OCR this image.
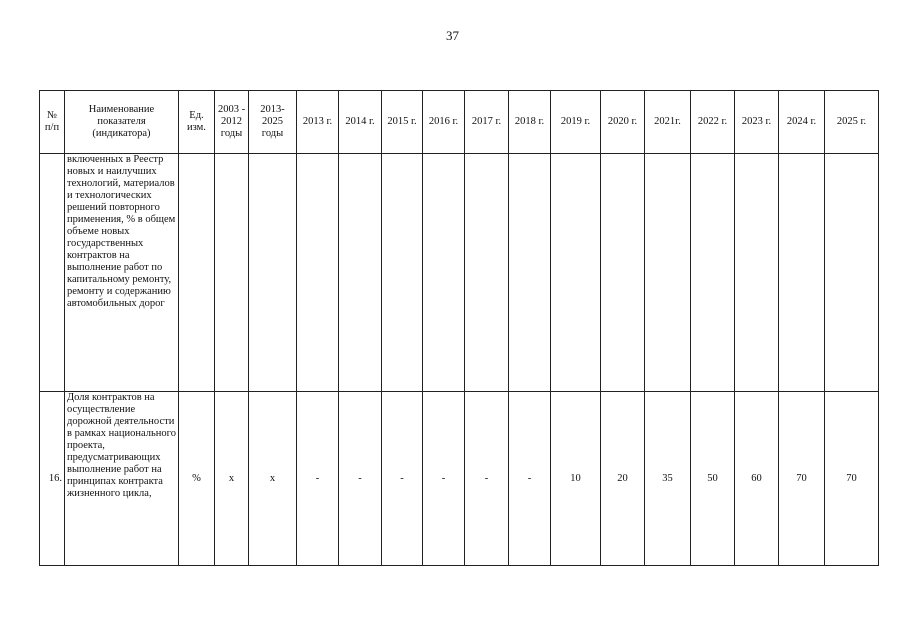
37
№ п/п	Наименование показателя (индикатора)	Ед. изм.	2003 - 2012 годы	2013-2025 годы	2013 г.	2014 г.	2015 г.	2016 г.	2017 г.	2018 г.	2019 г.	2020 г.	2021г.	2022 г.	2023 г.	2024 г.	2025 г.
	включенных в Реестр новых и наилучших технологий, материалов и технологических решений повторного применения, % в общем объеме новых государственных контрактов на выполнение работ по капитальному ремонту, ремонту и содержанию автомобильных дорог																
16.	Доля контрактов на осуществление дорожной деятельности в рамках национального проекта, предусматривающих выполнение работ на принципах контракта жизненного цикла,	%	x	x	-	-	-	-	-	-	10	20	35	50	60	70	70
